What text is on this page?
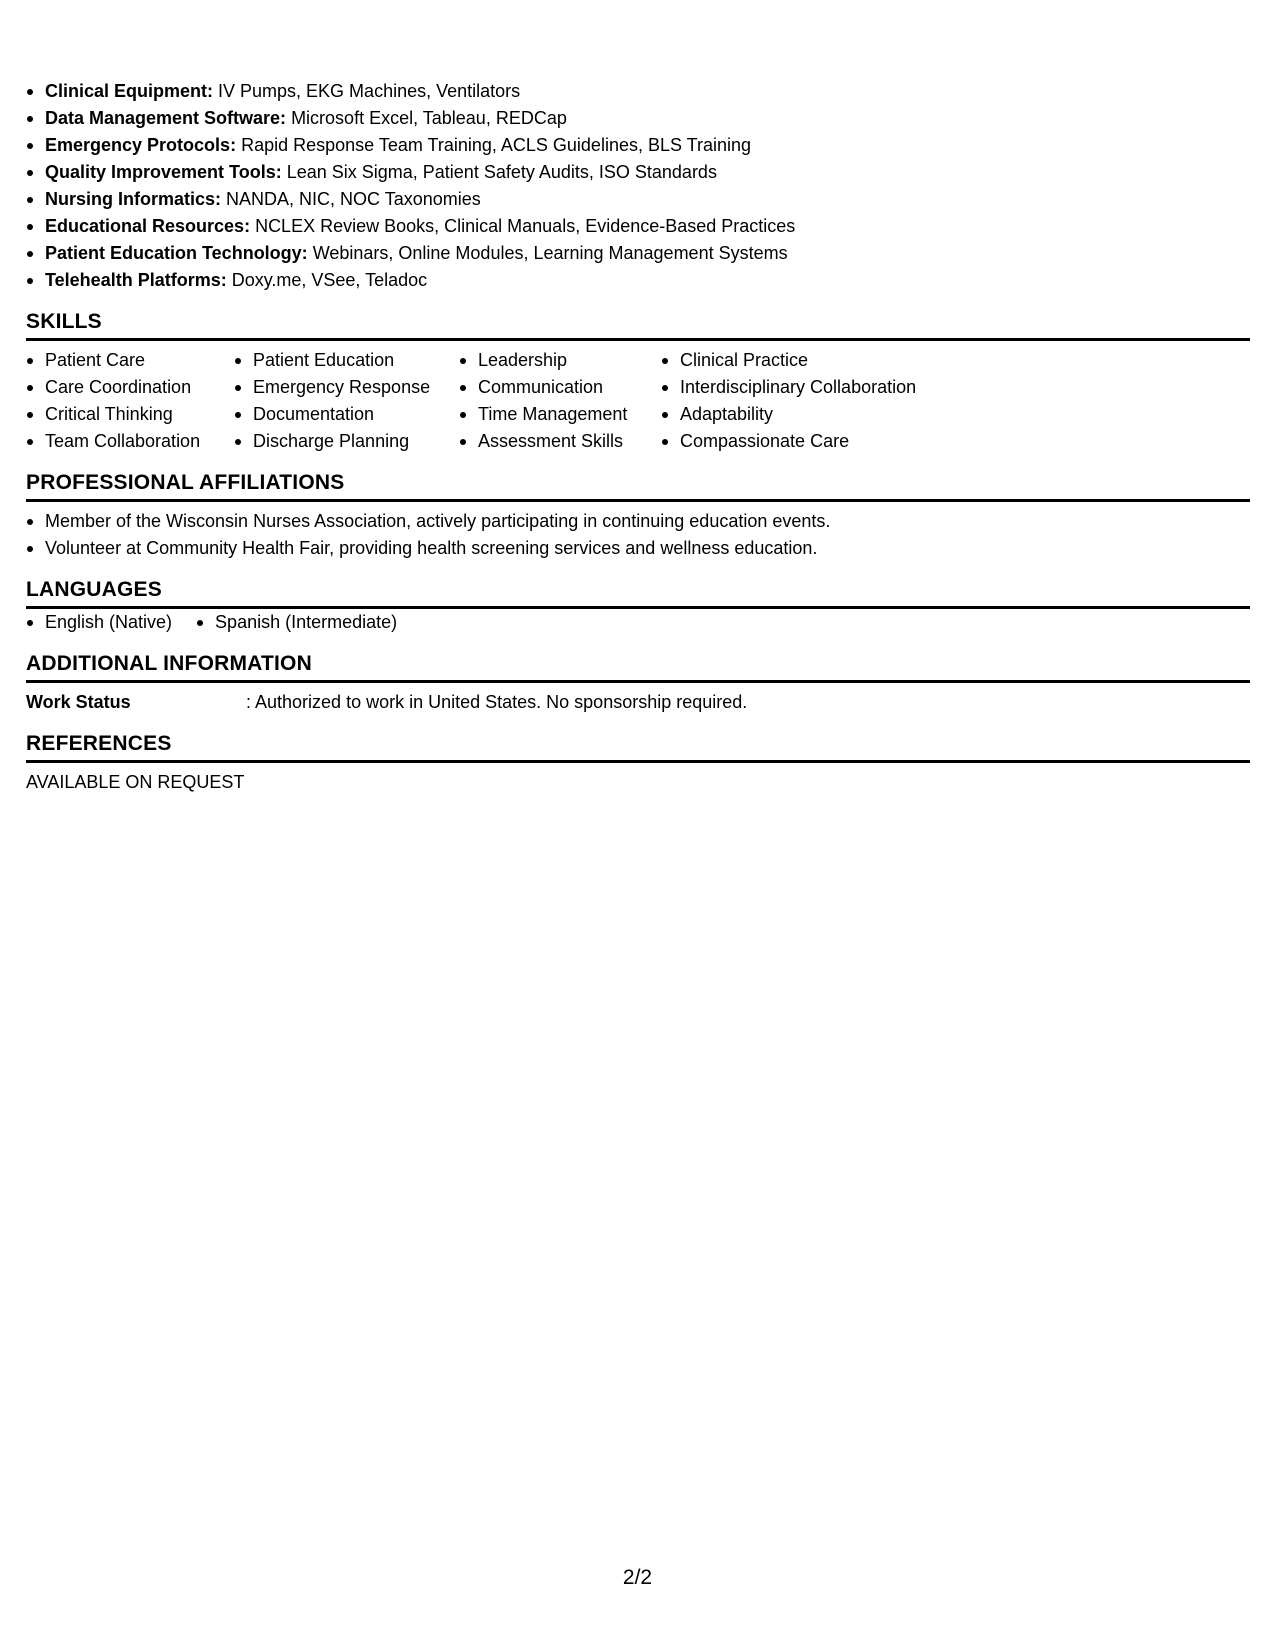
Clinical Equipment: IV Pumps, EKG Machines, Ventilators
Data Management Software: Microsoft Excel, Tableau, REDCap
Emergency Protocols: Rapid Response Team Training, ACLS Guidelines, BLS Training
Quality Improvement Tools: Lean Six Sigma, Patient Safety Audits, ISO Standards
Nursing Informatics: NANDA, NIC, NOC Taxonomies
Educational Resources: NCLEX Review Books, Clinical Manuals, Evidence-Based Practices
Patient Education Technology: Webinars, Online Modules, Learning Management Systems
Telehealth Platforms: Doxy.me, VSee, Teladoc
SKILLS
Patient Care
Care Coordination
Critical Thinking
Team Collaboration
Patient Education
Emergency Response
Documentation
Discharge Planning
Leadership
Communication
Time Management
Assessment Skills
Clinical Practice
Interdisciplinary Collaboration
Adaptability
Compassionate Care
PROFESSIONAL AFFILIATIONS
Member of the Wisconsin Nurses Association, actively participating in continuing education events.
Volunteer at Community Health Fair, providing health screening services and wellness education.
LANGUAGES
English (Native)	Spanish (Intermediate)
ADDITIONAL INFORMATION
Work Status	: Authorized to work in United States. No sponsorship required.
REFERENCES
AVAILABLE ON REQUEST
2/2
